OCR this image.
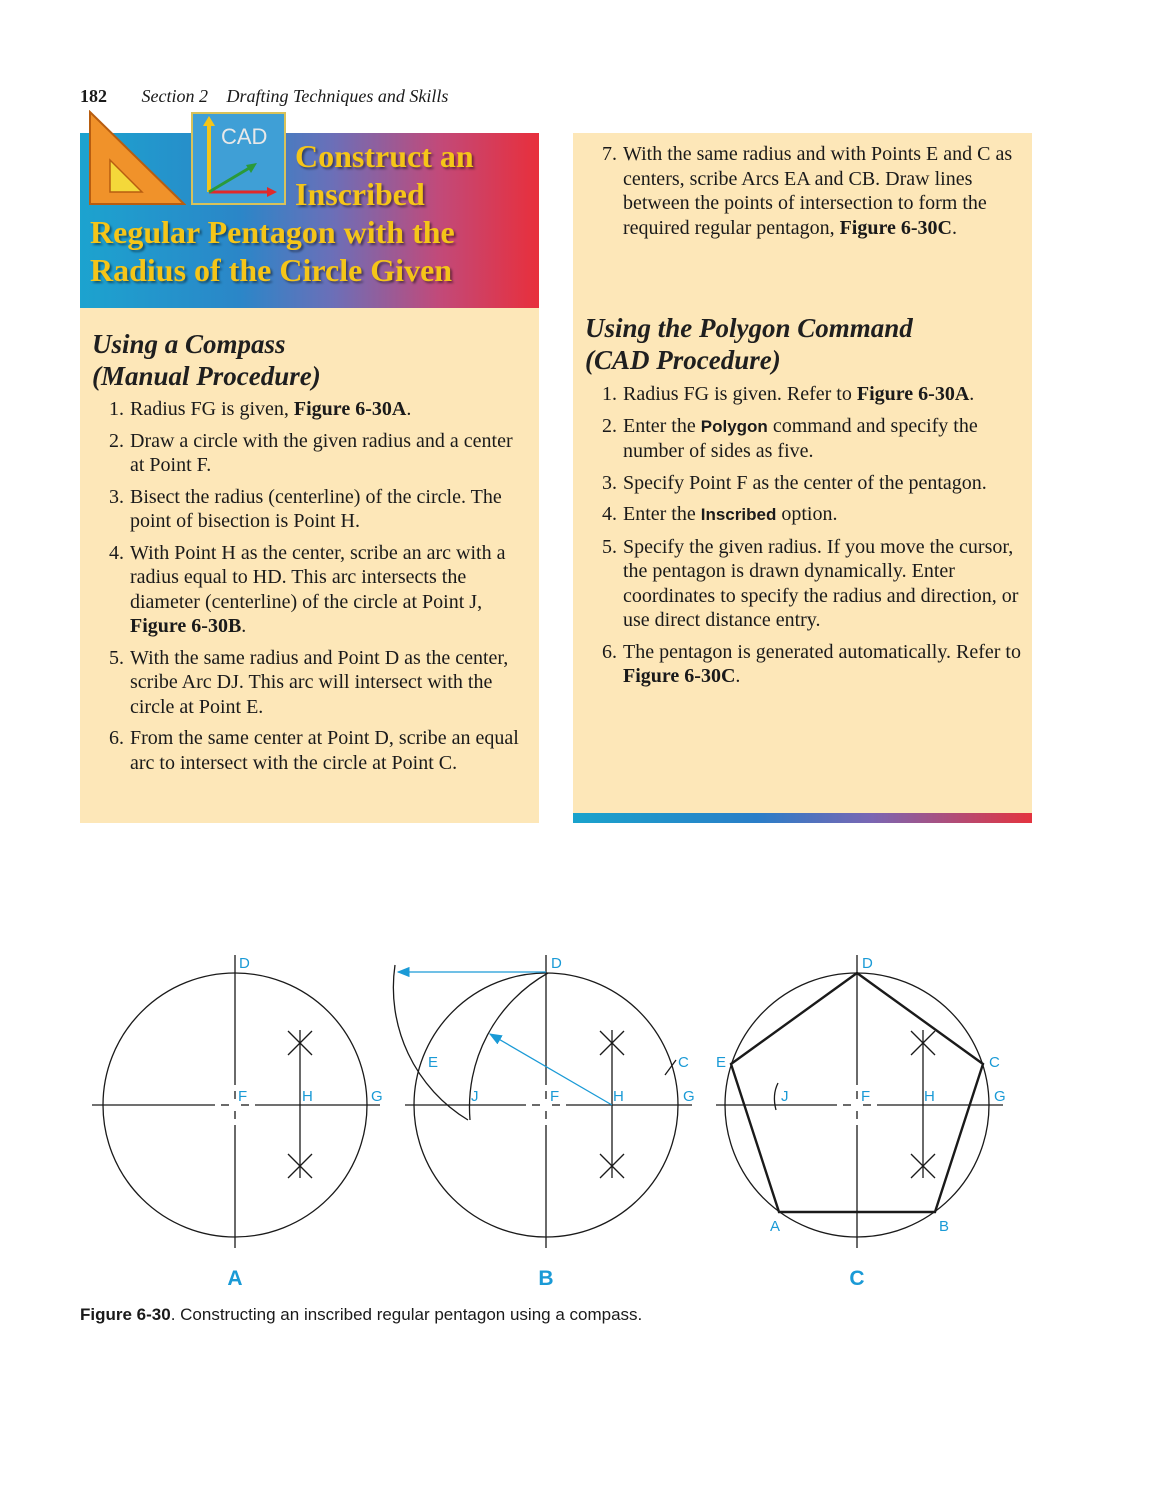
182 Section 2 Drafting Techniques and Skills
Construct an
Inscribed
Regular Pentagon with the
Radius of the Circle Given
CAD
Using a Compass
(Manual Procedure)
1. Radius FG is given, Figure 6-30A.
2. Draw a circle with the given radius and a center at Point F.
3. Bisect the radius (centerline) of the circle. The point of bisection is Point H.
4. With Point H as the center, scribe an arc with a radius equal to HD. This arc intersects the diameter (centerline) of the circle at Point J, Figure 6-30B.
5. With the same radius and Point D as the center, scribe Arc DJ. This arc will intersect with the circle at Point E.
6. From the same center at Point D, scribe an equal arc to intersect with the circle at Point C.
7. With the same radius and with Points E and C as centers, scribe Arcs EA and CB. Draw lines between the points of intersection to form the required regular pentagon, Figure 6-30C.
Using the Polygon Command
(CAD Procedure)
1. Radius FG is given. Refer to Figure 6-30A.
2. Enter the Polygon command and specify the number of sides as five.
3. Specify Point F as the center of the pentagon.
4. Enter the Inscribed option.
5. Specify the given radius. If you move the cursor, the pentagon is drawn dynamically. Enter coordinates to specify the radius and direction, or use direct distance entry.
6. The pentagon is generated automatically. Refer to Figure 6-30C.
D
F	H	G
D
E	C
J	F	H	G
D
E	C
J	F	H	G
A	B
A	B	C
Figure 6-30. Constructing an inscribed regular pentagon using a compass.
